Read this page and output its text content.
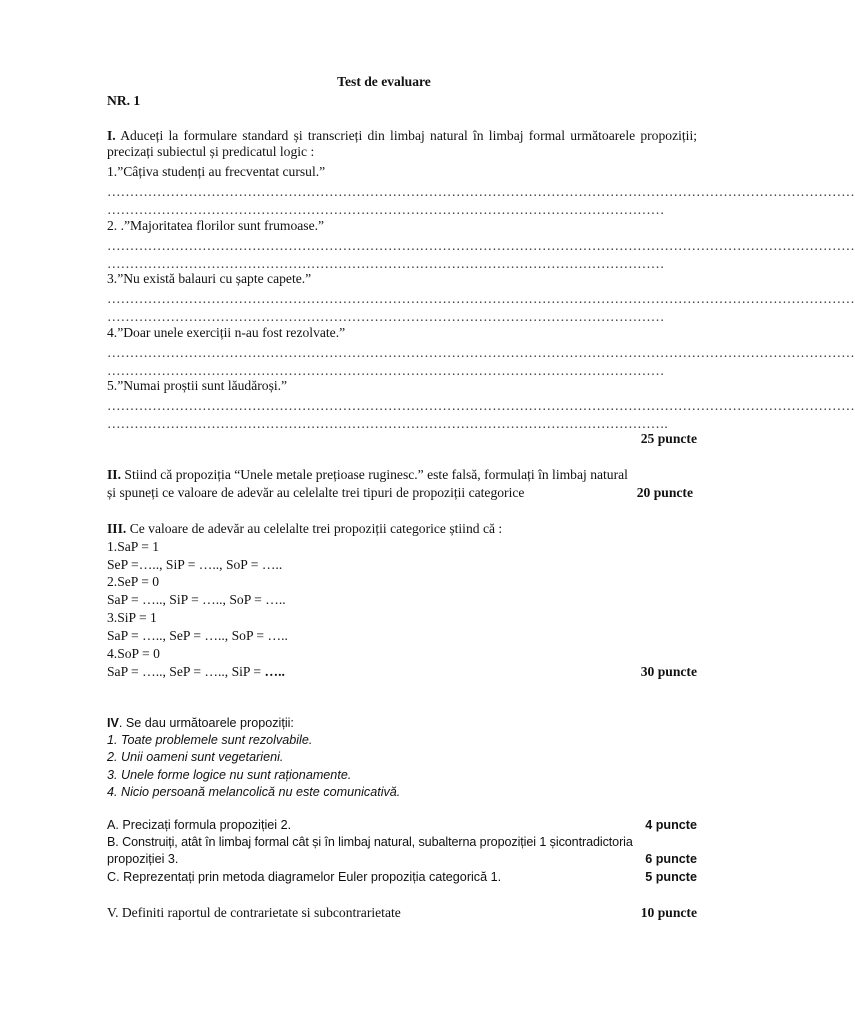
Test de evaluare
NR. 1
I. Aduceți la formulare standard și transcrieți din limbaj natural în limbaj formal următoarele propoziții; precizați subiectul și predicatul logic :
1.”Câțiva studenți au frecventat cursul.”
…………………………………………………………………………………………………………………………………………………
……………………………………………………………………………………………………………
2. .”Majoritatea florilor sunt frumoase.”
…………………………………………………………………………………………………………………………………………………
……………………………………………………………………………………………………………
3.”Nu există balauri cu șapte capete.”
…………………………………………………………………………………………………………………………………………………
……………………………………………………………………………………………………………
4.”Doar unele exerciții n-au fost rezolvate.”
…………………………………………………………………………………………………………………………………………………
……………………………………………………………………………………………………………
5.”Numai proștii sunt lăudăroși.”
…………………………………………………………………………………………………………………………………………………
…………………………………………………………………………………………………………….
25 puncte
II. Stiind că propoziția “Unele metale prețioase ruginesc.” este falsă, formulați în limbaj natural
și spuneți ce valoare de adevăr au celelalte trei tipuri de propoziții categorice	20 puncte
III. Ce valoare de adevăr au celelalte trei propoziții categorice știind că :
1.SaP = 1
SeP =….., SiP = ….., SoP = …..
2.SeP = 0
SaP = ….., SiP = ….., SoP = …..
3.SiP = 1
SaP = ….., SeP = ….., SoP = …..
4.SoP = 0
SaP = ….., SeP = ….., SiP = …..	30 puncte
IV. Se dau următoarele propoziții:
1. Toate problemele sunt rezolvabile.
2. Unii oameni sunt vegetarieni.
3. Unele forme logice nu sunt raționamente.
4. Nicio persoană melancolică nu este comunicativă.
A. Precizați formula propoziției 2.	4 puncte
B. Construiți, atât în limbaj formal cât și în limbaj natural, subalterna propoziției 1 șicontradictoria
propoziției 3.	6 puncte
C. Reprezentați prin metoda diagramelor Euler propoziția categorică 1.	5 puncte
V. Definiti raportul de contrarietate si subcontrarietate	10 puncte
